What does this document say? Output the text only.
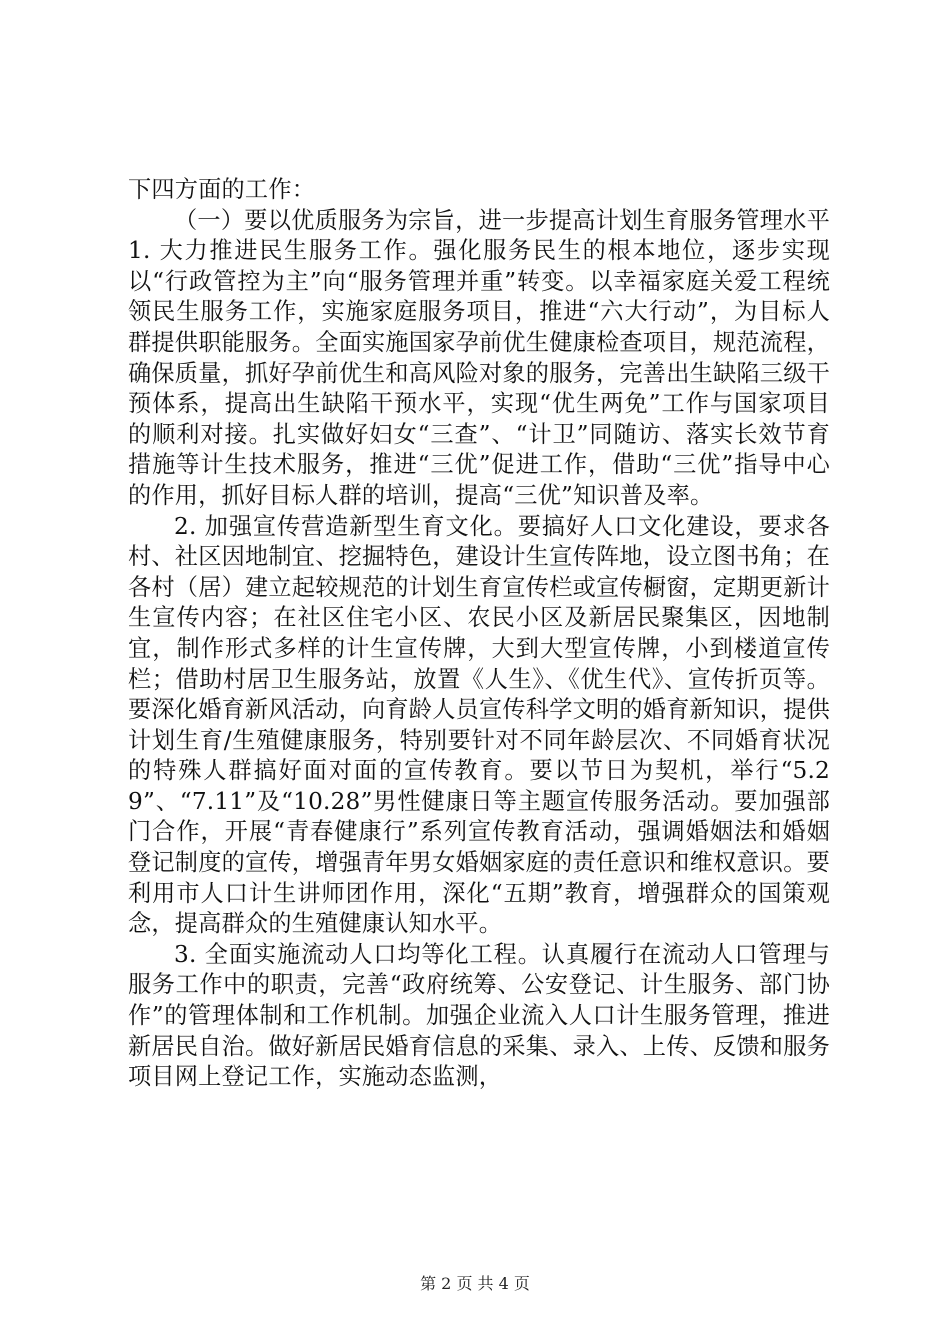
下四方面的工作：

（一）要以优质服务为宗旨，进一步提高计划生育服务管理水平 1. 大力推进民生服务工作。强化服务民生的根本地位，逐步实现以“行政管控为主”向“服务管理并重”转变。以幸福家庭关爱工程统领民生服务工作，实施家庭服务项目，推进“六大行动”，为目标人群提供职能服务。全面实施国家孕前优生健康检查项目，规范流程，确保质量，抓好孕前优生和高风险对象的服务，完善出生缺陷三级干预体系，提高出生缺陷干预水平，实现“优生两免”工作与国家项目的顺利对接。扎实做好妇女“三查”、“计卫”同随访、落实长效节育措施等计生技术服务，推进“三优”促进工作，借助“三优”指导中心的作用，抓好目标人群的培训，提高“三优”知识普及率。

2. 加强宣传营造新型生育文化。要搞好人口文化建设，要求各村、社区因地制宜、挖掘特色，建设计生宣传阵地，设立图书角；在各村（居）建立起较规范的计划生育宣传栏或宣传橱窗，定期更新计生宣传内容；在社区住宅小区、农民小区及新居民聚集区，因地制宜，制作形式多样的计生宣传牌，大到大型宣传牌，小到楼道宣传栏；借助村居卫生服务站，放置《人生》、《优生代》、宣传折页等。要深化婚育新风活动，向育龄人员宣传科学文明的婚育新知识，提供计划生育/生殖健康服务，特别要针对不同年龄层次、不同婚育状况的特殊人群搞好面对面的宣传教育。要以节日为契机，举行“5.29”、“7.11”及“10.28”男性健康日等主题宣传服务活动。要加强部门合作，开展“青春健康行”系列宣传教育活动，强调婚姻法和婚姻登记制度的宣传，增强青年男女婚姻家庭的责任意识和维权意识。要利用市人口计生讲师团作用，深化“五期”教育，增强群众的国策观念，提高群众的生殖健康认知水平。

3. 全面实施流动人口均等化工程。认真履行在流动人口管理与服务工作中的职责，完善“政府统筹、公安登记、计生服务、部门协作”的管理体制和工作机制。加强企业流入人口计生服务管理，推进新居民自治。做好新居民婚育信息的采集、录入、上传、反馈和服务项目网上登记工作，实施动态监测，

第 2 页 共 4 页
